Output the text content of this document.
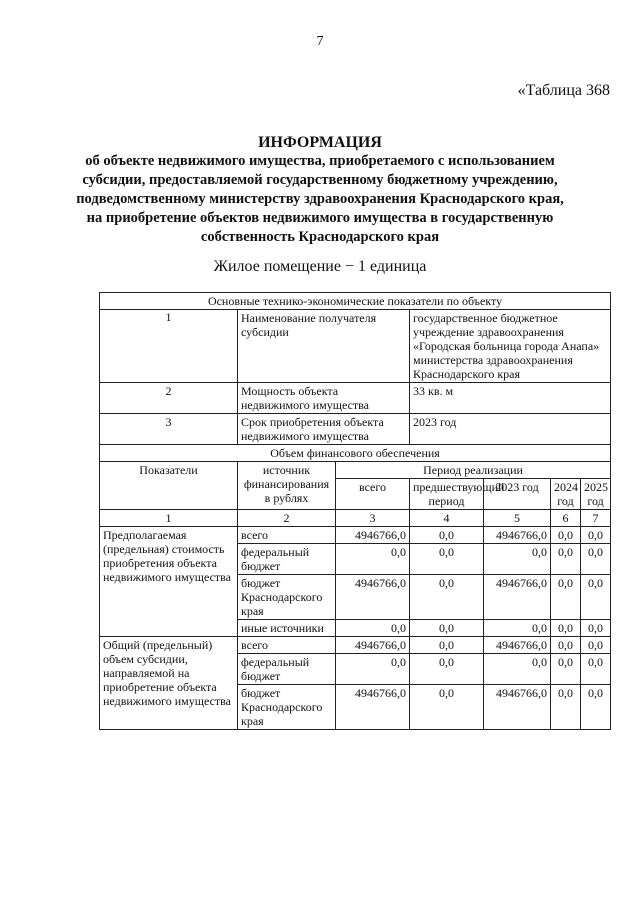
7
«Таблица 368
ИНФОРМАЦИЯ
об объекте недвижимого имущества, приобретаемого с использованием
субсидии, предоставляемой государственному бюджетному учреждению,
подведомственному министерству здравоохранения Краснодарского края,
на приобретение объектов недвижимого имущества в государственную
собственность Краснодарского края
Жилое помещение − 1 единица
Основные технико-экономические показатели по объекту						
1	Наименование получателя субсидии		государственное бюджетное учреждение здравоохранения «Городская больница города Анапа» министерства здравоохранения Краснодарского края			
2	Мощность объекта недвижимого имущества		33 кв. м			
3	Срок приобретения объекта недвижимого имущества		2023 год			
Объем финансового обеспечения						
Показатели	источник финансирования в рублях	Период реализации				
		всего	предшествующий период	2023 год	2024 год	2025 год
1	2	3	4	5	6	7
Предполагаемая (предельная) стоимость приобретения объекта недвижимого имущества	всего	4946766,0	0,0	4946766,0	0,0	0,0
	федеральный бюджет	0,0	0,0	0,0	0,0	0,0
	бюджет Краснодарского края	4946766,0	0,0	4946766,0	0,0	0,0
	иные источники	0,0	0,0	0,0	0,0	0,0
Общий (предельный) объем субсидии, направляемой на приобретение объекта недвижимого имущества	всего	4946766,0	0,0	4946766,0	0,0	0,0
	федеральный бюджет	0,0	0,0	0,0	0,0	0,0
	бюджет Краснодарского края	4946766,0	0,0	4946766,0	0,0	0,0
